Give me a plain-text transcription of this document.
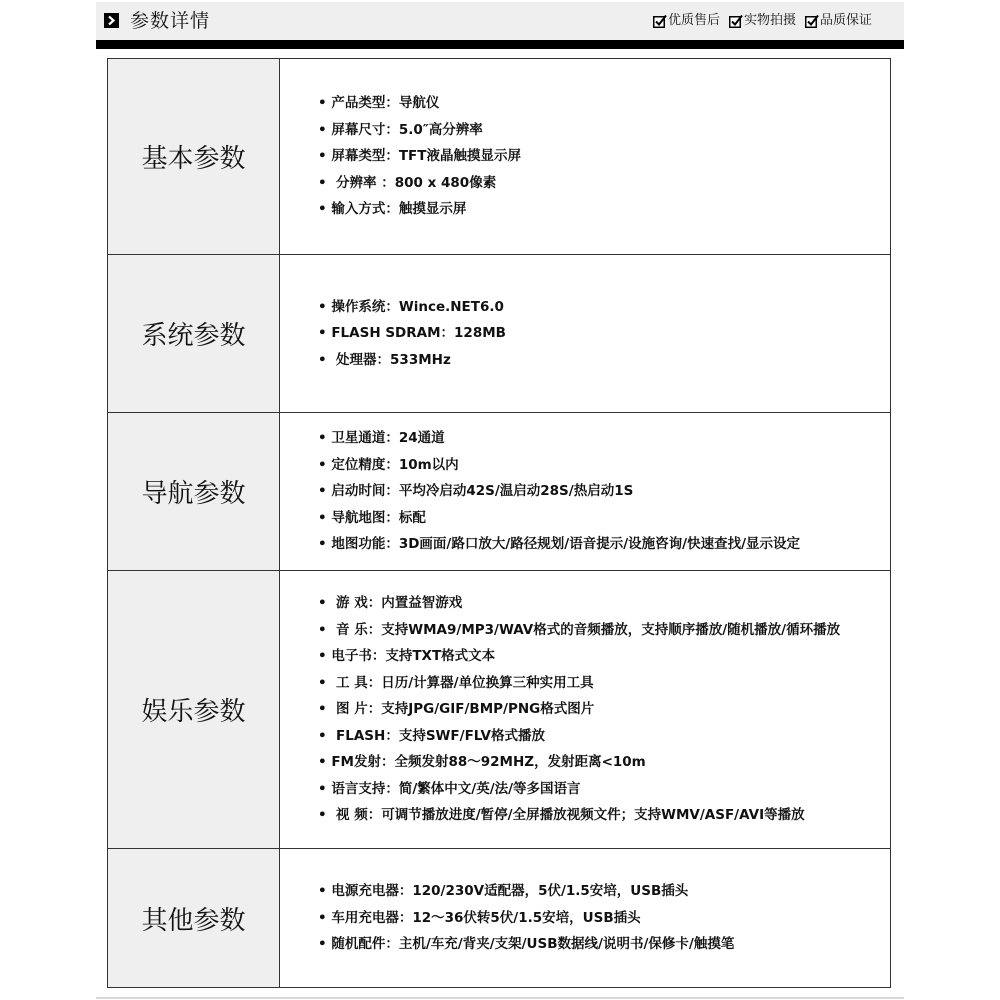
参数详情	优质售后 实物拍摄 品质保证
基本参数
• 产品类型：导航仪
• 屏幕尺寸：5.0″高分辨率
• 屏幕类型：TFT液晶触摸显示屏
•  分辨率 ：800 x 480像素
• 输入方式：触摸显示屏
系统参数
• 操作系统：Wince.NET6.0
• FLASH SDRAM：128MB
•  处理器：533MHz
导航参数
• 卫星通道：24通道
• 定位精度：10m以内
• 启动时间：平均冷启动42S/温启动28S/热启动1S
• 导航地图：标配
• 地图功能：3D画面/路口放大/路径规划/语音提示/设施咨询/快速查找/显示设定
娱乐参数
•  游 戏：内置益智游戏
•  音 乐：支持WMA9/MP3/WAV格式的音频播放，支持顺序播放/随机播放/循环播放
• 电子书：支持TXT格式文本
•  工 具：日历/计算器/单位换算三种实用工具
•  图 片：支持JPG/GIF/BMP/PNG格式图片
•  FLASH：支持SWF/FLV格式播放
• FM发射：全频发射88～92MHZ，发射距离<10m
• 语言支持：简/繁体中文/英/法/等多国语言
•  视 频：可调节播放进度/暂停/全屏播放视频文件；支持WMV/ASF/AVI等播放
其他参数
• 电源充电器：120/230V适配器，5伏/1.5安培，USB插头
• 车用充电器：12～36伏转5伏/1.5安培，USB插头
• 随机配件：主机/车充/背夹/支架/USB数据线/说明书/保修卡/触摸笔
